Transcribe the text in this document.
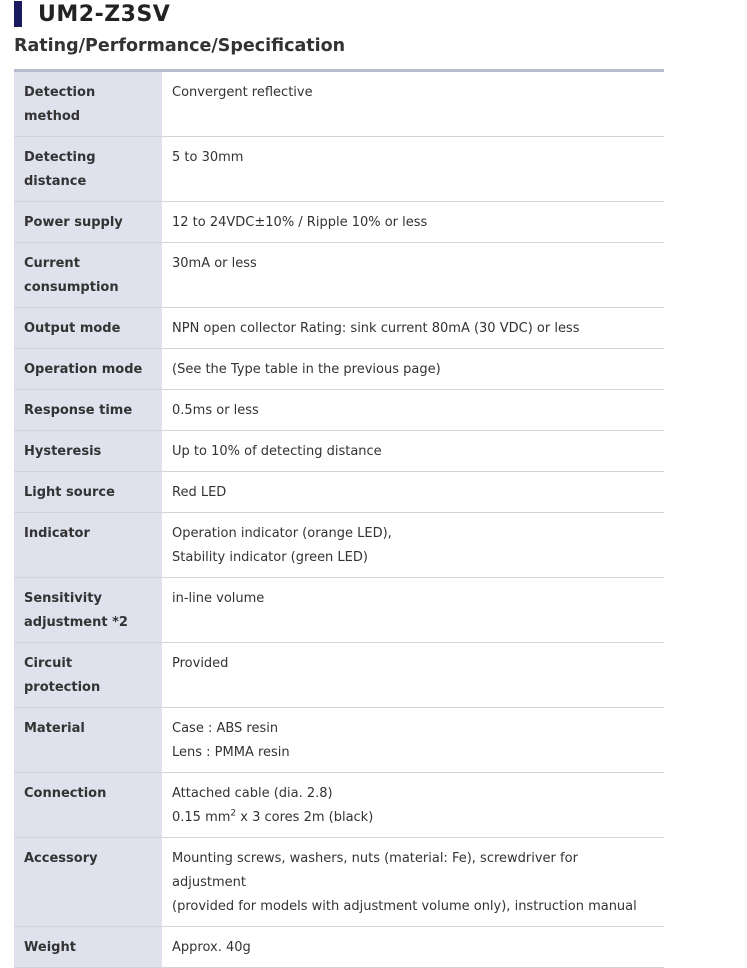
UM2-Z3SV
Rating/Performance/Specification
Detection method	Convergent reflective

Detecting distance	5 to 30mm

Power supply	12 to 24VDC±10% / Ripple 10% or less

Current consumption	30mA or less

Output mode	NPN open collector Rating: sink current 80mA (30 VDC) or less

Operation mode	(See the Type table in the previous page)

Response time	0.5ms or less

Hysteresis	Up to 10% of detecting distance

Light source	Red LED

Indicator	Operation indicator (orange LED),
Stability indicator (green LED)

Sensitivity adjustment *2	in-line volume

Circuit protection	Provided

Material	Case : ABS resin
Lens : PMMA resin

Connection	Attached cable (dia. 2.8)
0.15 $mm^2$ x 3 cores 2m (black)

Accessory	Mounting screws, washers, nuts (material: Fe), screwdriver for adjustment
(provided for models with adjustment volume only), instruction manual

Weight	Approx. 40g
